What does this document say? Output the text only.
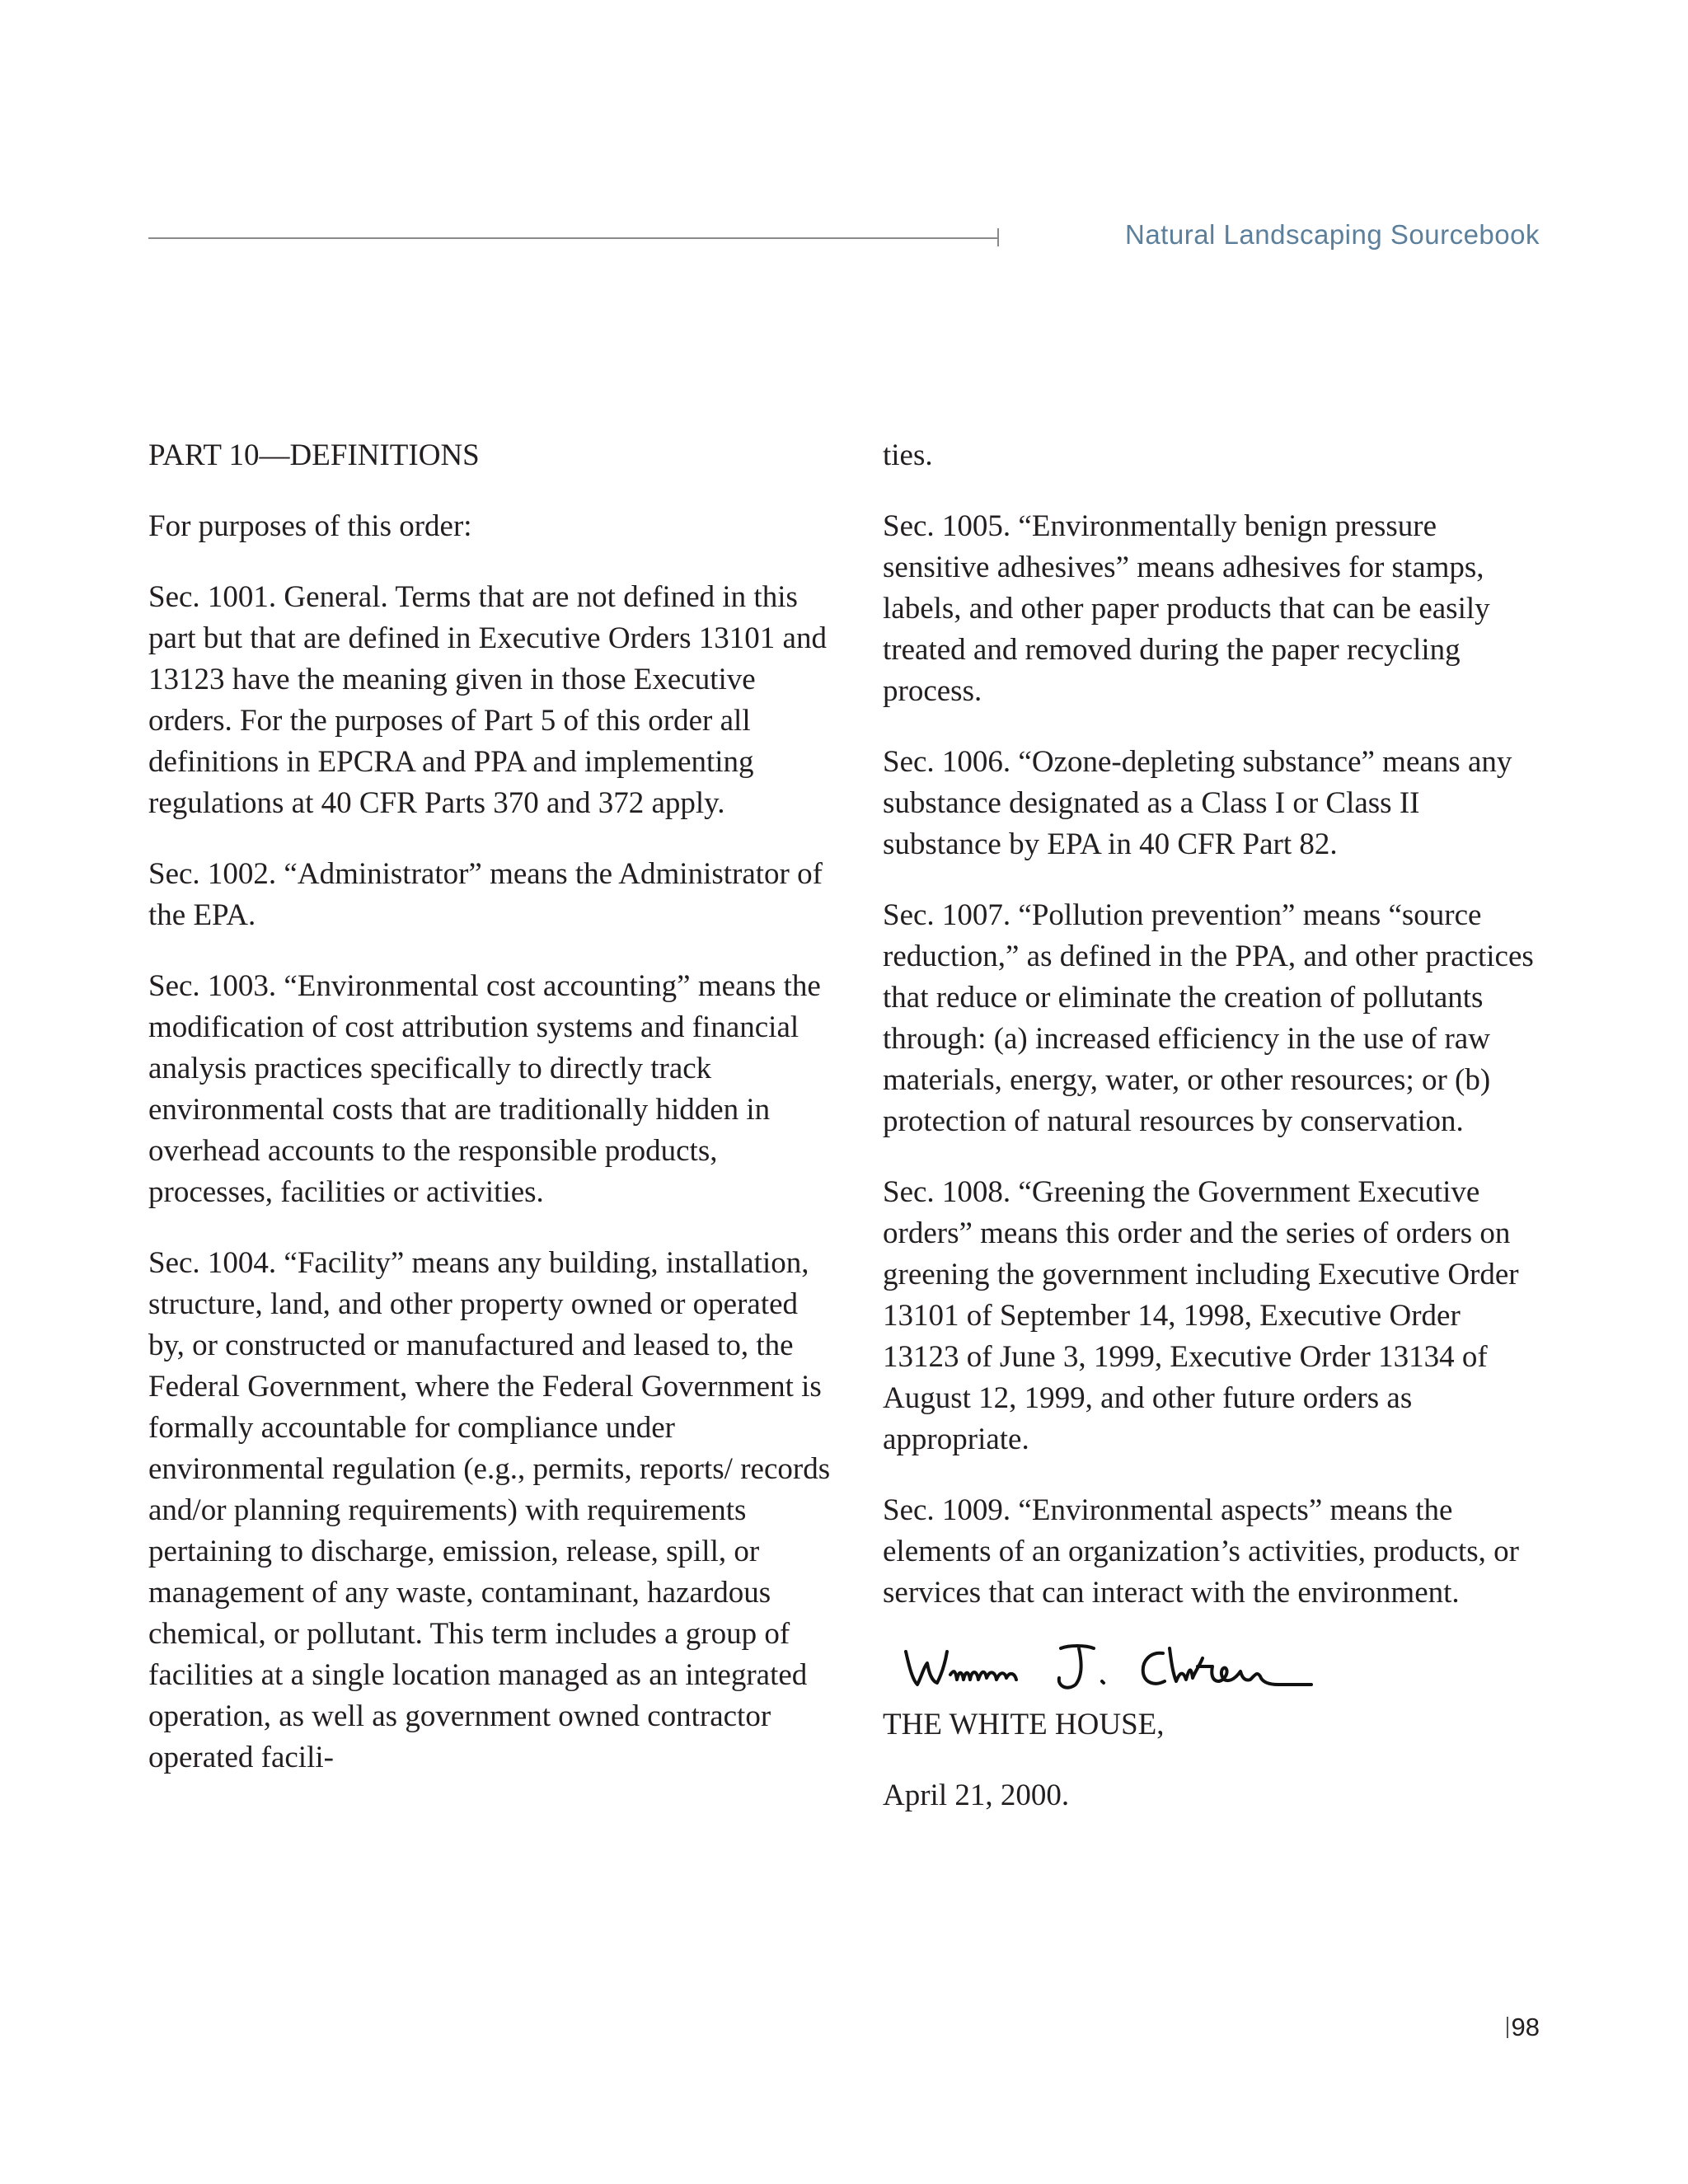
Natural Landscaping Sourcebook

PART 10—DEFINITIONS

For purposes of this order:

Sec. 1001. General. Terms that are not defined in this part but that are defined in Executive Orders 13101 and 13123 have the meaning given in those Executive orders. For the purposes of Part 5 of this order all definitions in EPCRA and PPA and implementing regulations at 40 CFR Parts 370 and 372 apply.

Sec. 1002. “Administrator” means the Administrator of the EPA.

Sec. 1003. “Environmental cost accounting” means the modification of cost attribution systems and financial analysis practices specifically to directly track environmental costs that are traditionally hidden in overhead accounts to the responsible products, processes, facilities or activities.

Sec. 1004. “Facility” means any building, installation, structure, land, and other property owned or operated by, or constructed or manufactured and leased to, the Federal Government, where the Federal Government is formally accountable for compliance under environmental regulation (e.g., permits, reports/ records and/or planning requirements) with requirements pertaining to discharge, emission, release, spill, or management of any waste, contaminant, hazardous chemical, or pollutant. This term includes a group of facilities at a single location managed as an integrated operation, as well as government owned contractor operated facili-

ties.

Sec. 1005. “Environmentally benign pressure sensitive adhesives” means adhesives for stamps, labels, and other paper products that can be easily treated and removed during the paper recycling process.

Sec. 1006. “Ozone-depleting substance” means any substance designated as a Class I or Class II substance by EPA in 40 CFR Part 82.

Sec. 1007. “Pollution prevention” means “source reduction,” as defined in the PPA, and other practices that reduce or eliminate the creation of pollutants through: (a) increased efficiency in the use of raw materials, energy, water, or other resources; or (b) protection of natural resources by conservation.

Sec. 1008. “Greening the Government Executive orders” means this order and the series of orders on greening the government including Executive Order 13101 of September 14, 1998, Executive Order 13123 of June 3, 1999, Executive Order 13134 of August 12, 1999, and other future orders as appropriate.

Sec. 1009. “Environmental aspects” means the elements of an organization’s activities, products, or services that can interact with the environment.

THE WHITE HOUSE,

April 21, 2000.

98
